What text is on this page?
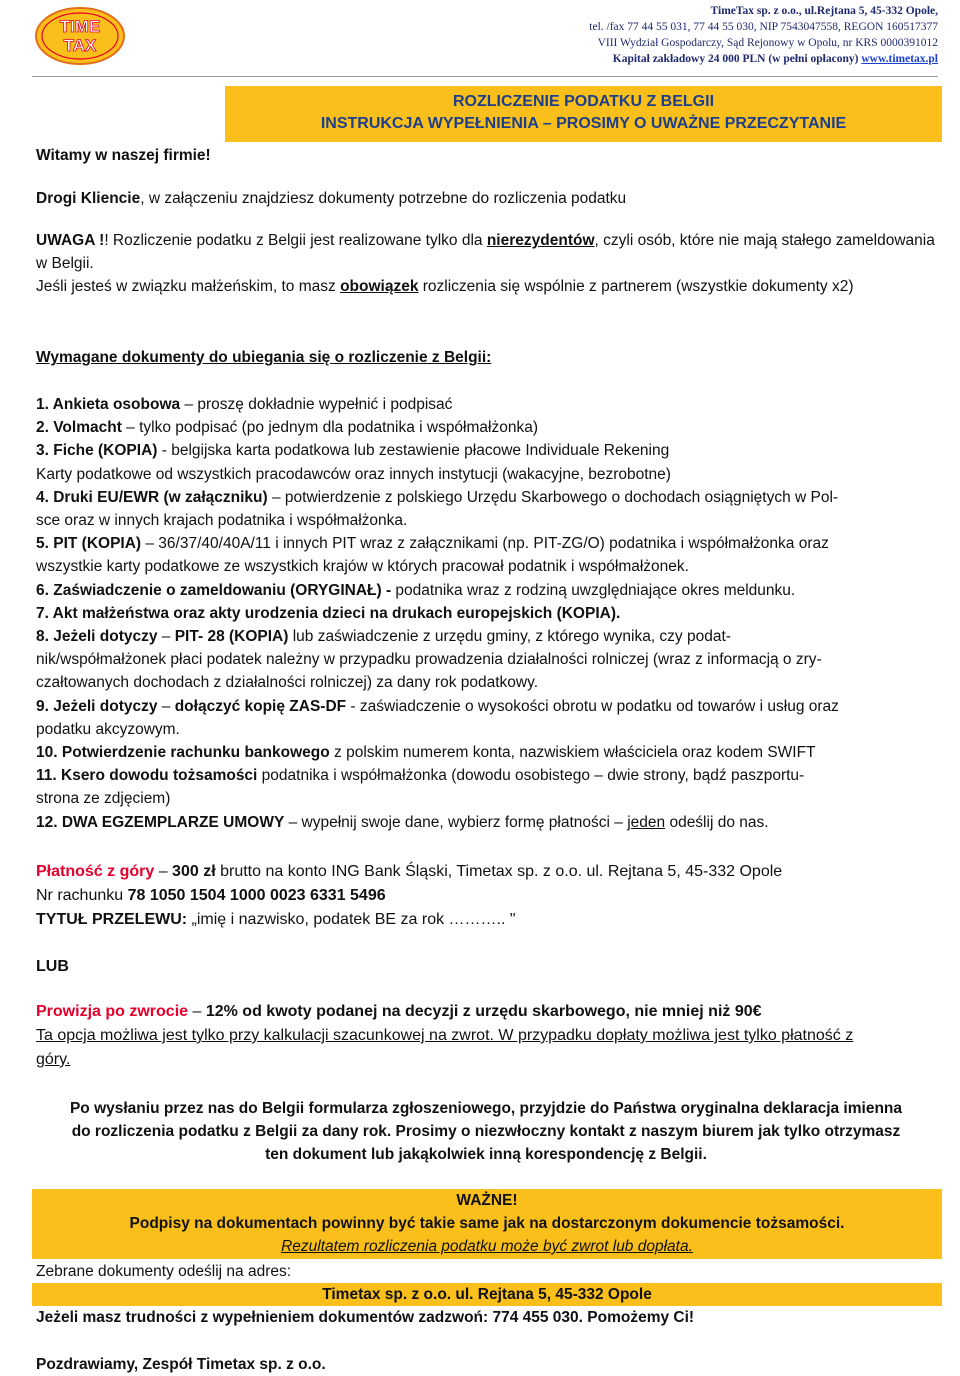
TIME
TAX
TimeTax sp. z o.o., ul.Rejtana 5, 45-332 Opole,
tel. /fax 77 44 55 031, 77 44 55 030, NIP 7543047558, REGON 160517377
VIII Wydział Gospodarczy, Sąd Rejonowy w Opolu, nr KRS 0000391012
Kapitał zakładowy 24 000 PLN (w pełni opłacony) www.timetax.pl
ROZLICZENIE PODATKU Z BELGII
INSTRUKCJA WYPEŁNIENIA – PROSIMY O UWAŻNE PRZECZYTANIE
Witamy w naszej firmie!
Drogi Kliencie, w załączeniu znajdziesz dokumenty potrzebne do rozliczenia podatku
UWAGA !! Rozliczenie podatku z Belgii jest realizowane tylko dla nierezydentów, czyli osób, które nie mają stałego zameldowania w Belgii.
Jeśli jesteś w związku małżeńskim, to masz obowiązek rozliczenia się wspólnie z partnerem (wszystkie dokumenty x2)
Wymagane dokumenty do ubiegania się o rozliczenie z Belgii:

1. Ankieta osobowa – proszę dokładnie wypełnić i podpisać

2. Volmacht – tylko podpisać (po jednym dla podatnika i współmałżonka)

3. Fiche (KOPIA) - belgijska karta podatkowa lub zestawienie płacowe Individuale Rekening
Karty podatkowe od wszystkich pracodawców oraz innych instytucji (wakacyjne, bezrobotne)

4. Druki EU/EWR (w załączniku) – potwierdzenie z polskiego Urzędu Skarbowego o dochodach osiągniętych w Pol-
sce oraz w innych krajach podatnika i współmałżonka.

5. PIT (KOPIA) – 36/37/40/40A/11 i innych PIT wraz z załącznikami (np. PIT-ZG/O) podatnika i współmałżonka oraz
wszystkie karty podatkowe ze wszystkich krajów w których pracował podatnik i współmałżonek.

6. Zaświadczenie o zameldowaniu (ORYGINAŁ) - podatnika wraz z rodziną uwzględniające okres meldunku.

7. Akt małżeństwa oraz akty urodzenia dzieci na drukach europejskich (KOPIA).

8. Jeżeli dotyczy – PIT- 28 (KOPIA) lub zaświadczenie z urzędu gminy, z którego wynika, czy podat-
nik/współmałżonek płaci podatek należny w przypadku prowadzenia działalności rolniczej (wraz z informacją o zry-
czałtowanych dochodach z działalności rolniczej) za dany rok podatkowy.

9. Jeżeli dotyczy – dołączyć kopię ZAS-DF - zaświadczenie o wysokości obrotu w podatku od towarów i usług oraz
podatku akcyzowym.

10. Potwierdzenie rachunku bankowego z polskim numerem konta, nazwiskiem właściciela oraz kodem SWIFT

11. Ksero dowodu tożsamości podatnika i współmałżonka (dowodu osobistego – dwie strony, bądź paszportu-
strona ze zdjęciem)

12. DWA EGZEMPLARZE UMOWY – wypełnij swoje dane, wybierz formę płatności – jeden odeślij do nas.

Płatność z góry – 300 zł brutto na konto ING Bank Śląski, Timetax sp. z o.o. ul. Rejtana 5, 45-332 Opole
Nr rachunku 78 1050 1504 1000 0023 6331 5496
TYTUŁ PRZELEWU: „imię i nazwisko, podatek BE za rok ……….. "
LUB
Prowizja po zwrocie – 12% od kwoty podanej na decyzji z urzędu skarbowego, nie mniej niż 90€
Ta opcja możliwa jest tylko przy kalkulacji szacunkowej na zwrot. W przypadku dopłaty możliwa jest tylko płatność z
góry.
Po wysłaniu przez nas do Belgii formularza zgłoszeniowego, przyjdzie do Państwa oryginalna deklaracja imienna
do rozliczenia podatku z Belgii za dany rok. Prosimy o niezwłoczny kontakt z naszym biurem jak tylko otrzymasz
ten dokument lub jakąkolwiek inną korespondencję z Belgii.
WAŻNE!
Podpisy na dokumentach powinny być takie same jak na dostarczonym dokumencie tożsamości.
Rezultatem rozliczenia podatku może być zwrot lub dopłata.
Zebrane dokumenty odeślij na adres:
Timetax sp. z o.o. ul. Rejtana 5, 45-332 Opole
Jeżeli masz trudności z wypełnieniem dokumentów zadzwoń: 774 455 030. Pomożemy Ci!
Pozdrawiamy, Zespół Timetax sp. z o.o.
